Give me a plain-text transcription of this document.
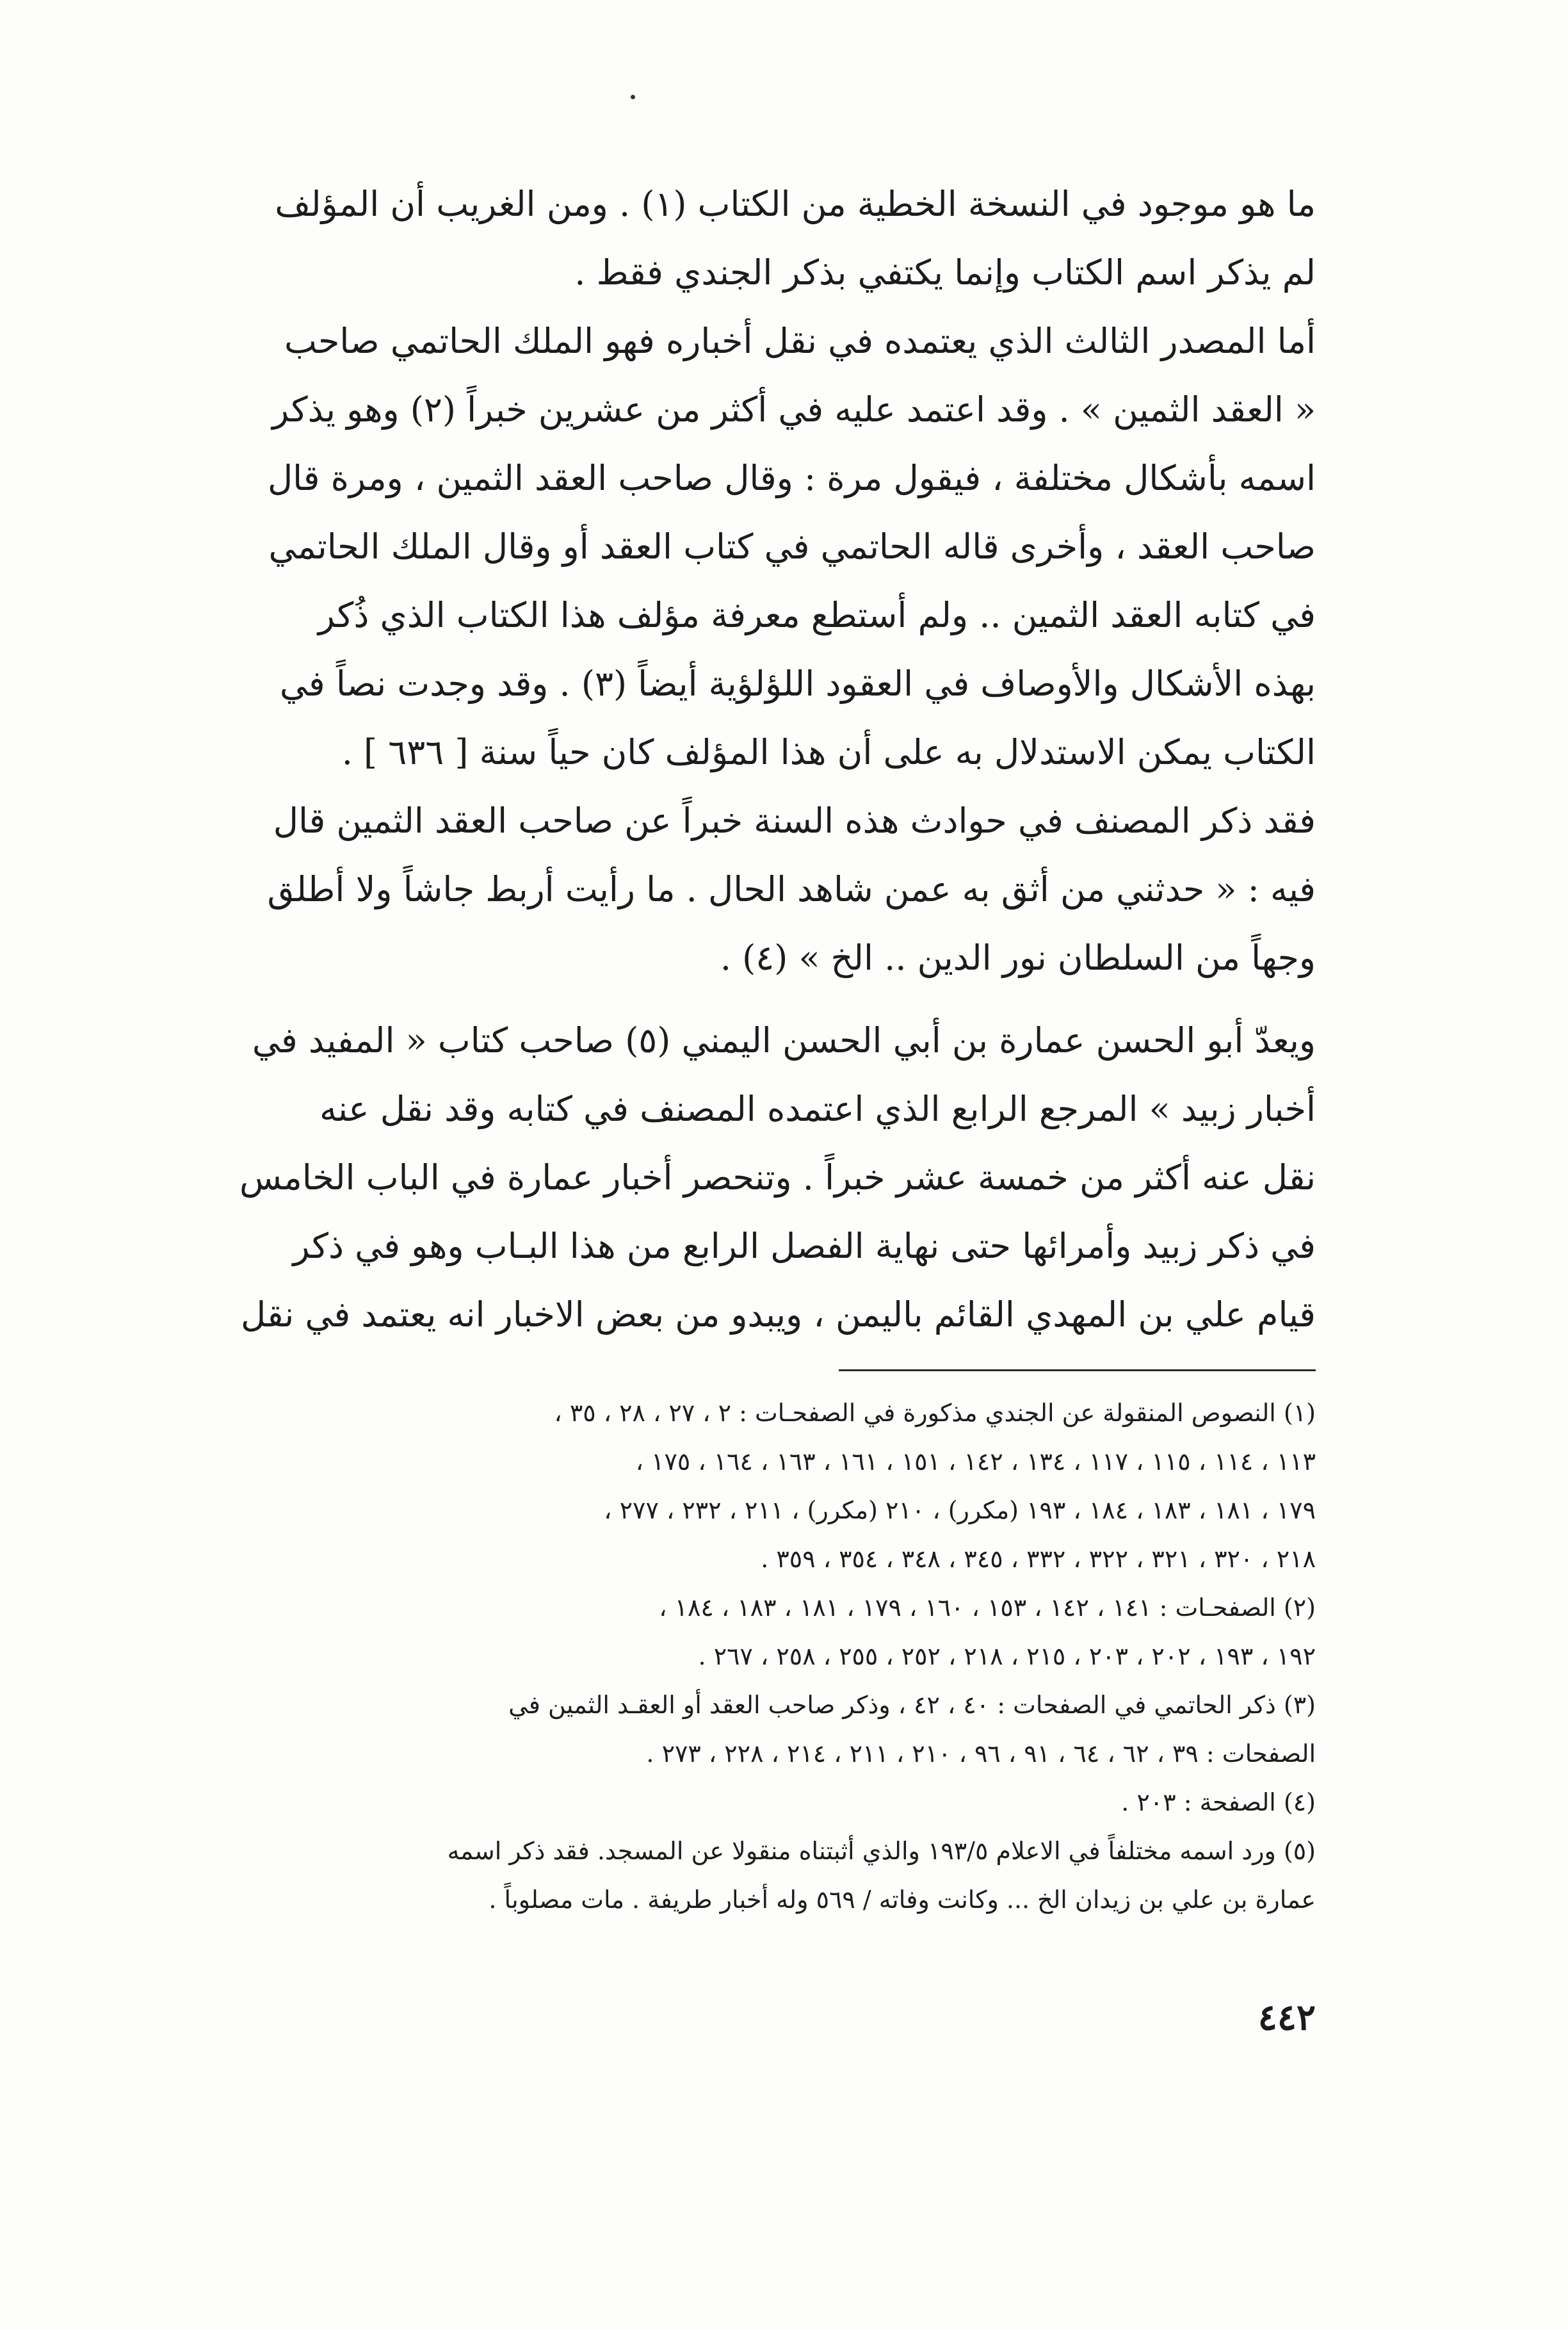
ما هو موجود في النسخة الخطية من الكتاب (١) . ومن الغريب أن المؤلف
لم يذكر اسم الكتاب وإنما يكتفي بذكر الجندي فقط .
أما المصدر الثالث الذي يعتمده في نقل أخباره فهو الملك الحاتمي صاحب
« العقد الثمين » . وقد اعتمد عليه في أكثر من عشرين خبراً (٢) وهو يذكر
اسمه بأشكال مختلفة ، فيقول مرة : وقال صاحب العقد الثمين ، ومرة قال
صاحب العقد ، وأخرى قاله الحاتمي في كتاب العقد أو وقال الملك الحاتمي
في كتابه العقد الثمين .. ولم أستطع معرفة مؤلف هذا الكتاب الذي ذُكر
بهذه الأشكال والأوصاف في العقود اللؤلؤية أيضاً (٣) . وقد وجدت نصاً في
الكتاب يمكن الاستدلال به على أن هذا المؤلف كان حياً سنة [ ٦٣٦ ] .
فقد ذكر المصنف في حوادث هذه السنة خبراً عن صاحب العقد الثمين قال
فيه : « حدثني من أثق به عمن شاهد الحال . ما رأيت أربط جاشاً ولا أطلق
وجهاً من السلطان نور الدين .. الخ » (٤) .
ويعدّ أبو الحسن عمارة بن أبي الحسن اليمني (٥) صاحب كتاب « المفيد في
أخبار زبيد » المرجع الرابع الذي اعتمده المصنف في كتابه وقد نقل عنه
نقل عنه أكثر من خمسة عشر خبراً . وتنحصر أخبار عمارة في الباب الخامس
في ذكر زبيد وأمرائها حتى نهاية الفصل الرابع من هذا البـاب وهو في ذكر
قيام علي بن المهدي القائم باليمن ، ويبدو من بعض الاخبار انه يعتمد في نقل
(١) النصوص المنقولة عن الجندي مذكورة في الصفحـات : ٢ ، ٢٧ ، ٢٨ ، ٣٥ ،
١١٣ ، ١١٤ ، ١١٥ ، ١١٧ ، ١٣٤ ، ١٤٢ ، ١٥١ ، ١٦١ ، ١٦٣ ، ١٦٤ ، ١٧٥ ،
١٧٩ ، ١٨١ ، ١٨٣ ، ١٨٤ ، ١٩٣ (مكرر) ، ٢١٠ (مكرر) ، ٢١١ ، ٢٣٢ ، ٢٧٧ ،
٢١٨ ، ٣٢٠ ، ٣٢١ ، ٣٢٢ ، ٣٣٢ ، ٣٤٥ ، ٣٤٨ ، ٣٥٤ ، ٣٥٩ .
(٢) الصفحـات : ١٤١ ، ١٤٢ ، ١٥٣ ، ١٦٠ ، ١٧٩ ، ١٨١ ، ١٨٣ ، ١٨٤ ،
١٩٢ ، ١٩٣ ، ٢٠٢ ، ٢٠٣ ، ٢١٥ ، ٢١٨ ، ٢٥٢ ، ٢٥٥ ، ٢٥٨ ، ٢٦٧ .
(٣) ذكر الحاتمي في الصفحات : ٤٠ ، ٤٢ ، وذكر صاحب العقد أو العقـد الثمين في
الصفحات : ٣٩ ، ٦٢ ، ٦٤ ، ٩١ ، ٩٦ ، ٢١٠ ، ٢١١ ، ٢١٤ ، ٢٢٨ ، ٢٧٣ .
(٤) الصفحة : ٢٠٣ .
(٥) ورد اسمه مختلفاً في الاعلام ١٩٣/٥ والذي أثبتناه منقولا عن المسجد. فقد ذكر اسمه
عمارة بن علي بن زيدان الخ ... وكانت وفاته / ٥٦٩ وله أخبار طريفة . مات مصلوباً .
٤٤٢
